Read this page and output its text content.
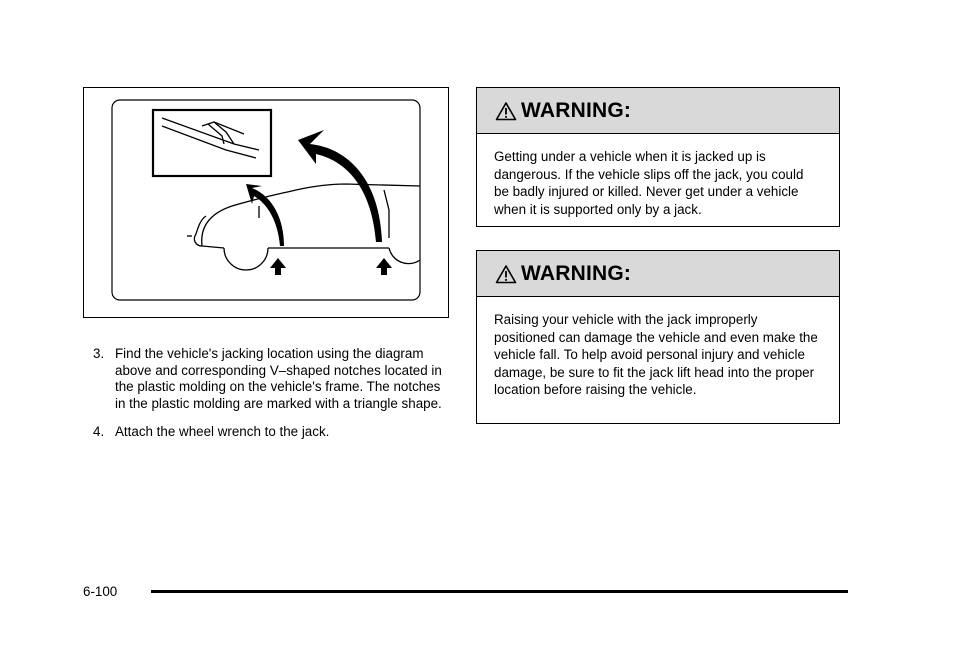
3. Find the vehicle's jacking location using the diagram above and corresponding V–shaped notches located in the plastic molding on the vehicle's frame. The notches in the plastic molding are marked with a triangle shape.
4. Attach the wheel wrench to the jack.
WARNING:
Getting under a vehicle when it is jacked up is dangerous. If the vehicle slips off the jack, you could be badly injured or killed. Never get under a vehicle when it is supported only by a jack.
WARNING:
Raising your vehicle with the jack improperly positioned can damage the vehicle and even make the vehicle fall. To help avoid personal injury and vehicle damage, be sure to fit the jack lift head into the proper location before raising the vehicle.
6-100
